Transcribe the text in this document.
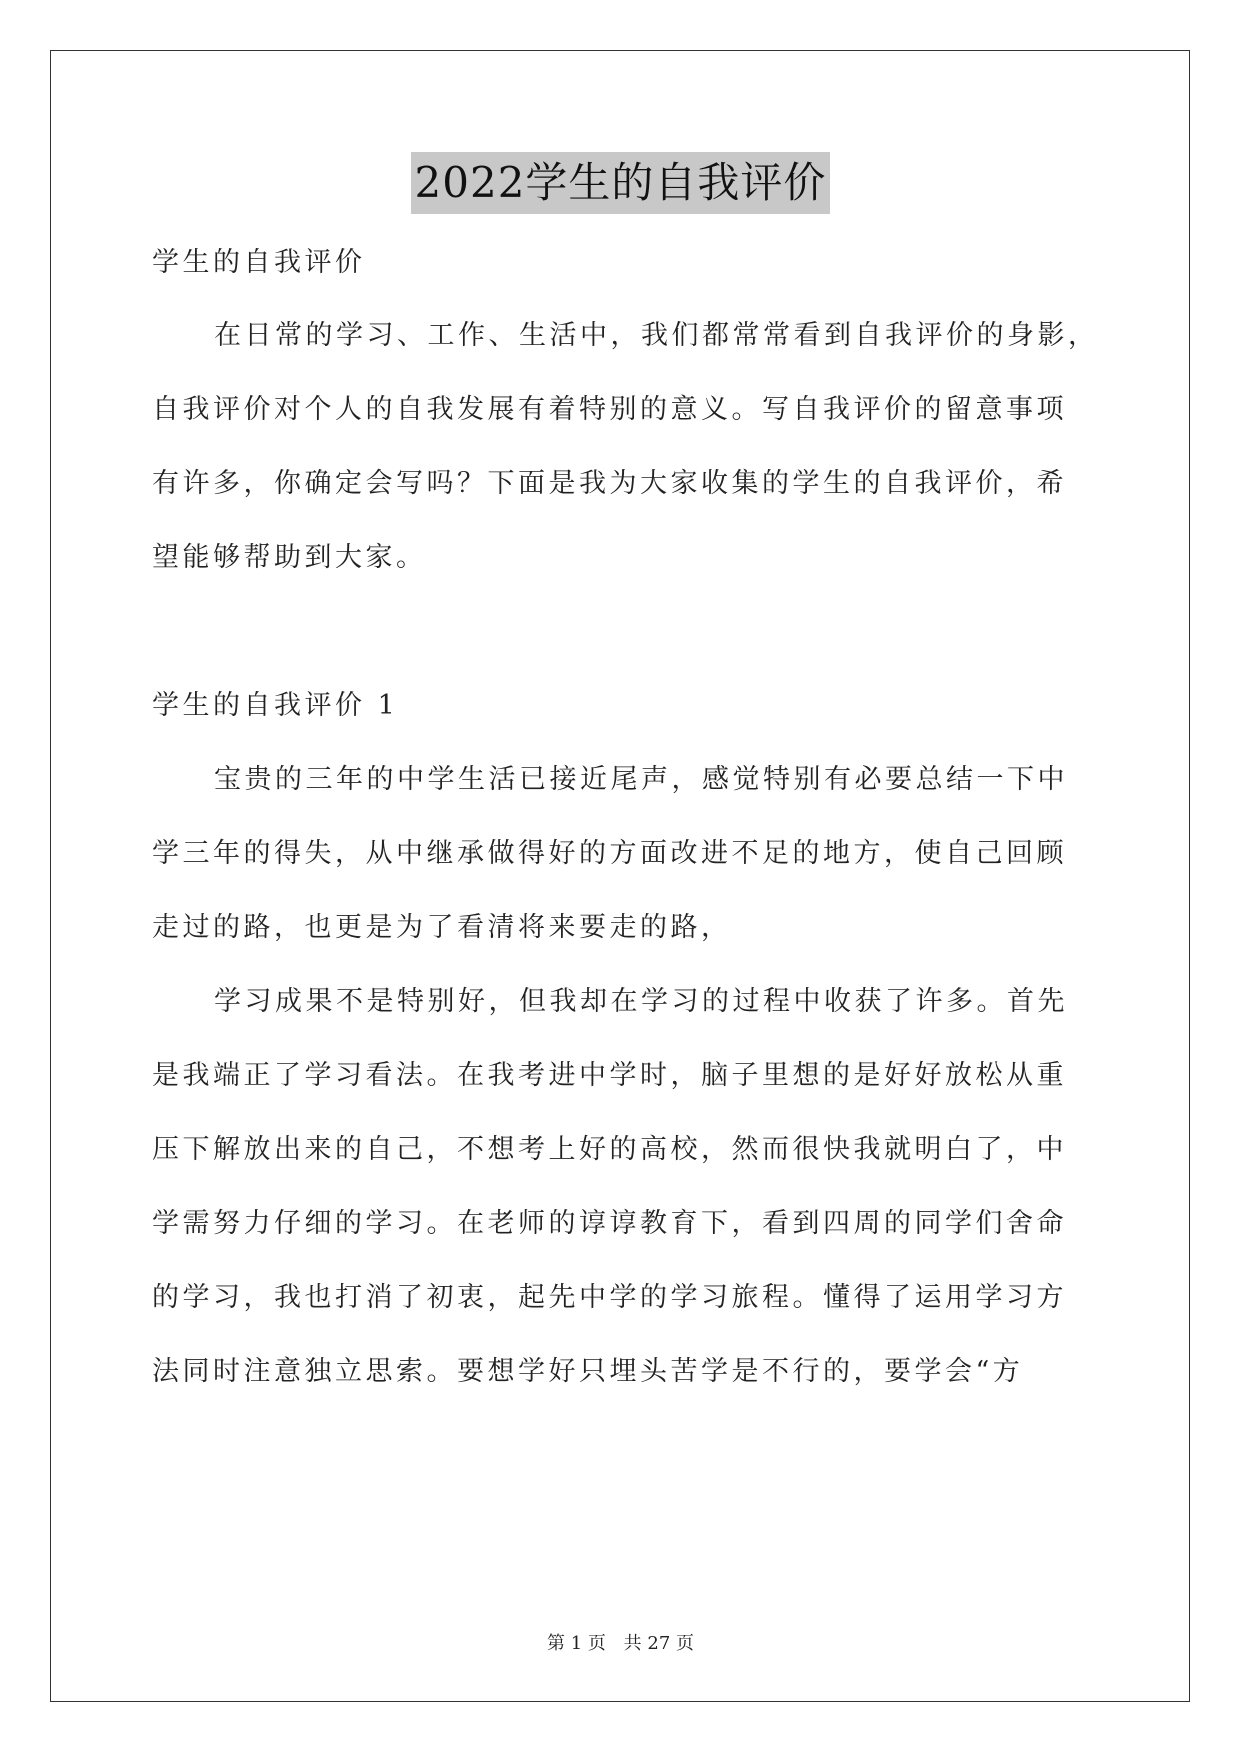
2022学生的自我评价
学生的自我评价
在日常的学习、工作、生活中，我们都常常看到自我评价的身影，
自我评价对个人的自我发展有着特别的意义。写自我评价的留意事项
有许多，你确定会写吗？下面是我为大家收集的学生的自我评价，希
望能够帮助到大家。
学生的自我评价 1
宝贵的三年的中学生活已接近尾声，感觉特别有必要总结一下中
学三年的得失，从中继承做得好的方面改进不足的地方，使自己回顾
走过的路，也更是为了看清将来要走的路，
学习成果不是特别好，但我却在学习的过程中收获了许多。首先
是我端正了学习看法。在我考进中学时，脑子里想的是好好放松从重
压下解放出来的自己，不想考上好的高校，然而很快我就明白了，中
学需努力仔细的学习。在老师的谆谆教育下，看到四周的同学们舍命
的学习，我也打消了初衷，起先中学的学习旅程。懂得了运用学习方
法同时注意独立思索。要想学好只埋头苦学是不行的，要学会“方
第 1 页 共 27 页
